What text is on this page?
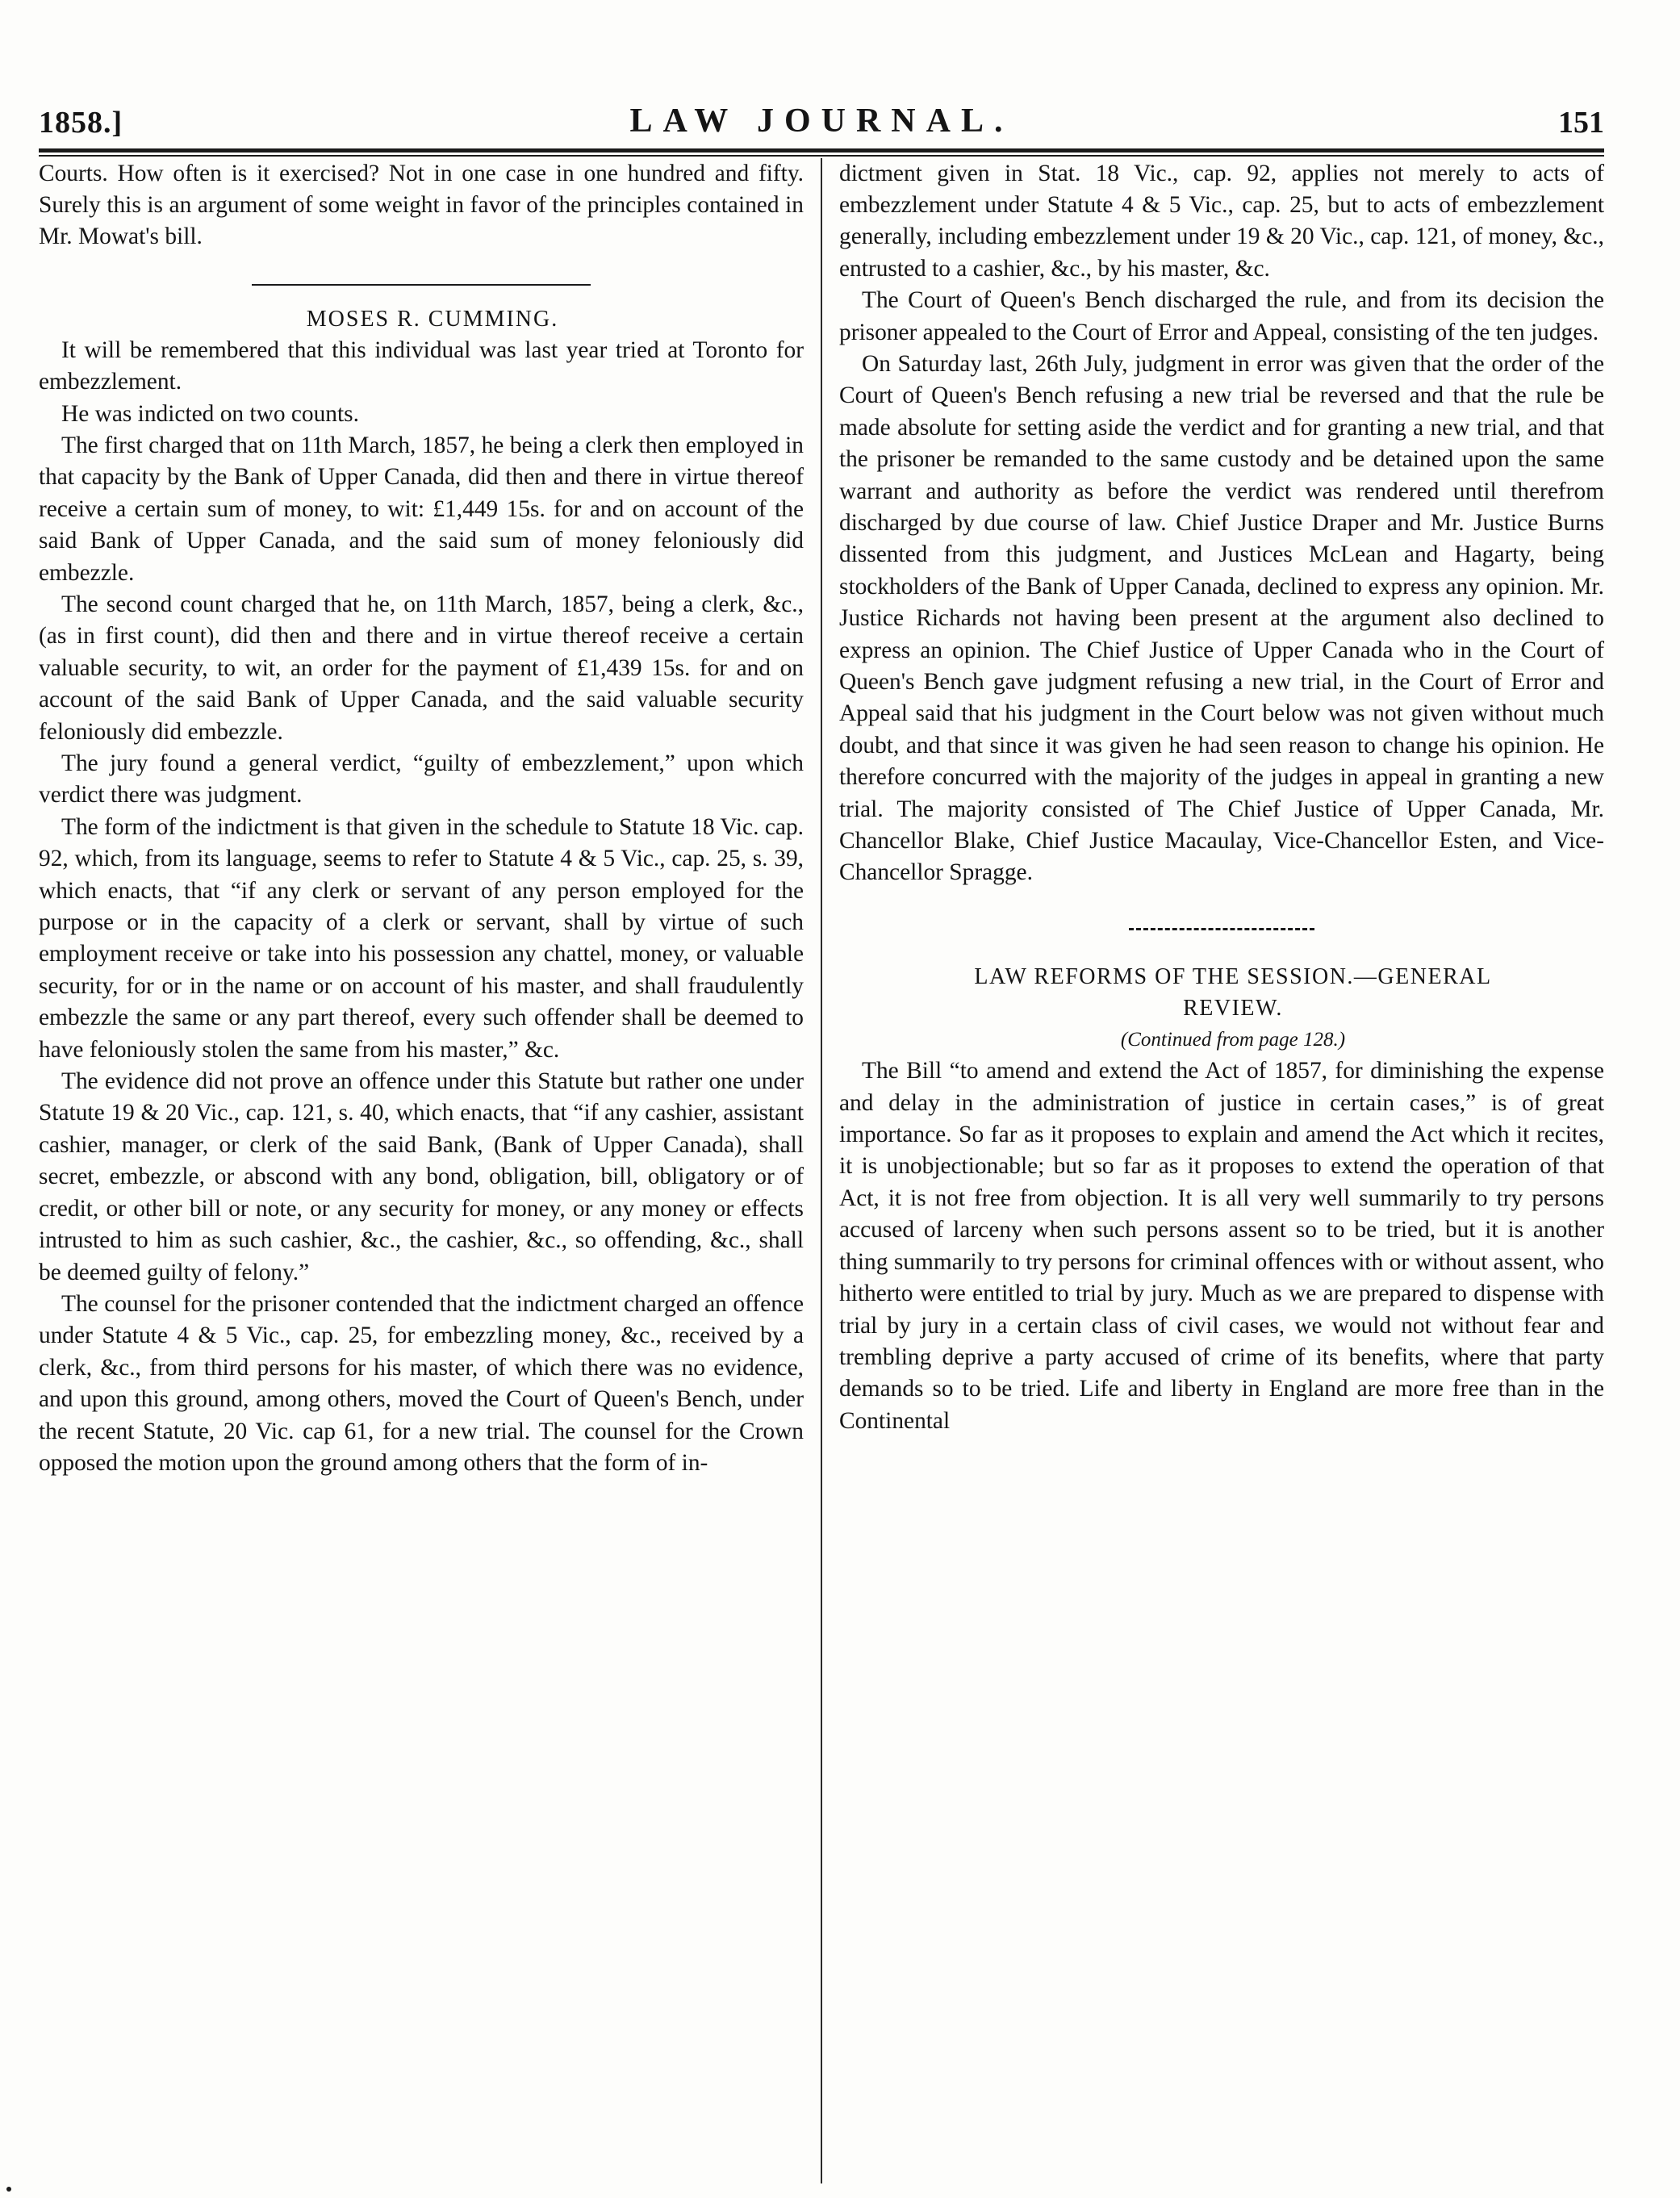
1858.]	LAW JOURNAL.	151

Courts. How often is it exercised? Not in one case in one hundred and fifty. Surely this is an argument of some weight in favor of the principles contained in Mr. Mowat's bill.

MOSES R. CUMMING.

It will be remembered that this individual was last year tried at Toronto for embezzlement.

He was indicted on two counts.

The first charged that on 11th March, 1857, he being a clerk then employed in that capacity by the Bank of Upper Canada, did then and there in virtue thereof receive a certain sum of money, to wit: £1,449 15s. for and on account of the said Bank of Upper Canada, and the said sum of money feloniously did embezzle.

The second count charged that he, on 11th March, 1857, being a clerk, &c., (as in first count), did then and there and in virtue thereof receive a certain valuable security, to wit, an order for the payment of £1,439 15s. for and on account of the said Bank of Upper Canada, and the said valuable security feloniously did embezzle.

The jury found a general verdict, “guilty of embezzlement,” upon which verdict there was judgment.

The form of the indictment is that given in the schedule to Statute 18 Vic. cap. 92, which, from its language, seems to refer to Statute 4 & 5 Vic., cap. 25, s. 39, which enacts, that “if any clerk or servant of any person employed for the purpose or in the capacity of a clerk or servant, shall by virtue of such employment receive or take into his possession any chattel, money, or valuable security, for or in the name or on account of his master, and shall fraudulently embezzle the same or any part thereof, every such offender shall be deemed to have feloniously stolen the same from his master,” &c.

The evidence did not prove an offence under this Statute but rather one under Statute 19 & 20 Vic., cap. 121, s. 40, which enacts, that “if any cashier, assistant cashier, manager, or clerk of the said Bank, (Bank of Upper Canada), shall secret, embezzle, or abscond with any bond, obligation, bill, obligatory or of credit, or other bill or note, or any security for money, or any money or effects intrusted to him as such cashier, &c., the cashier, &c., so offending, &c., shall be deemed guilty of felony.”

The counsel for the prisoner contended that the indictment charged an offence under Statute 4 & 5 Vic., cap. 25, for embezzling money, &c., received by a clerk, &c., from third persons for his master, of which there was no evidence, and upon this ground, among others, moved the Court of Queen's Bench, under the recent Statute, 20 Vic. cap 61, for a new trial. The counsel for the Crown opposed the motion upon the ground among others that the form of in-

dictment given in Stat. 18 Vic., cap. 92, applies not merely to acts of embezzlement under Statute 4 & 5 Vic., cap. 25, but to acts of embezzlement generally, including embezzlement under 19 & 20 Vic., cap. 121, of money, &c., entrusted to a cashier, &c., by his master, &c.

The Court of Queen's Bench discharged the rule, and from its decision the prisoner appealed to the Court of Error and Appeal, consisting of the ten judges.

On Saturday last, 26th July, judgment in error was given that the order of the Court of Queen's Bench refusing a new trial be reversed and that the rule be made absolute for setting aside the verdict and for granting a new trial, and that the prisoner be remanded to the same custody and be detained upon the same warrant and authority as before the verdict was rendered until therefrom discharged by due course of law. Chief Justice Draper and Mr. Justice Burns dissented from this judgment, and Justices McLean and Hagarty, being stockholders of the Bank of Upper Canada, declined to express any opinion. Mr. Justice Richards not having been present at the argument also declined to express an opinion. The Chief Justice of Upper Canada who in the Court of Queen's Bench gave judgment refusing a new trial, in the Court of Error and Appeal said that his judgment in the Court below was not given without much doubt, and that since it was given he had seen reason to change his opinion. He therefore concurred with the majority of the judges in appeal in granting a new trial. The majority consisted of The Chief Justice of Upper Canada, Mr. Chancellor Blake, Chief Justice Macaulay, Vice-Chancellor Esten, and Vice-Chancellor Spragge.

LAW REFORMS OF THE SESSION.—GENERAL

REVIEW.

(Continued from page 128.)

The Bill “to amend and extend the Act of 1857, for diminishing the expense and delay in the administration of justice in certain cases,” is of great importance. So far as it proposes to explain and amend the Act which it recites, it is unobjectionable; but so far as it proposes to extend the operation of that Act, it is not free from objection. It is all very well summarily to try persons accused of larceny when such persons assent so to be tried, but it is another thing summarily to try persons for criminal offences with or without assent, who hitherto were entitled to trial by jury. Much as we are prepared to dispense with trial by jury in a certain class of civil cases, we would not without fear and trembling deprive a party accused of crime of its benefits, where that party demands so to be tried. Life and liberty in England are more free than in the Continental
